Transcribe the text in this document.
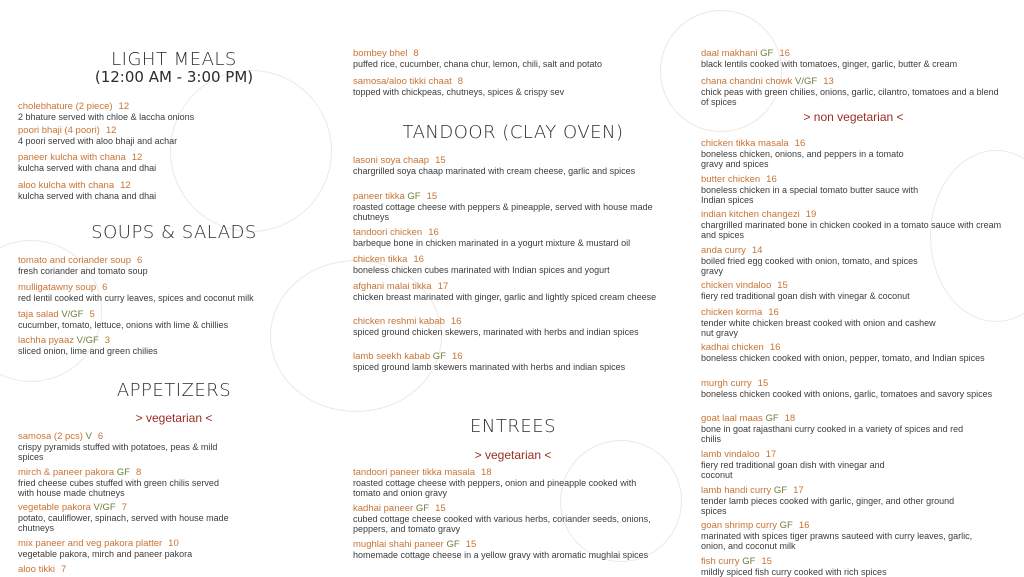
LIGHT MEALS
(12:00 AM - 3:00 PM)
cholebhature (2 piece) 12
2 bhature served with chloe & laccha onions
poori bhaji (4 poori) 12
4 poori served with aloo bhaji and achar
paneer kulcha with chana 12
kulcha served with chana and dhai
aloo kulcha with chana 12
kulcha served with chana and dhai
SOUPS & SALADS
tomato and coriander soup 6
fresh coriander and tomato soup
mulligatawny soup 6
red lentil cooked with curry leaves, spices and coconut milk
taja salad V/GF 5
cucumber, tomato, lettuce, onions with lime & chillies
lachha pyaaz V/GF 3
sliced onion, lime and green chilies
APPETIZERS
> vegetarian <
samosa (2 pcs) V 6
crispy pyramids stuffed with potatoes, peas & mild spices
mirch & paneer pakora GF 8
fried cheese cubes stuffed with green chilis served with house made chutneys
vegetable pakora V/GF 7
potato, cauliflower, spinach, served with house made chutneys
mix paneer and veg pakora platter 10
vegetable pakora, mirch and paneer pakora
aloo tikki 7
bombey bhel 8
puffed rice, cucumber, chana chur, lemon, chili, salt and potato
samosa/aloo tikki chaat 8
topped with chickpeas, chutneys, spices & crispy sev
TANDOOR (CLAY OVEN)
lasoni soya chaap 15
chargrilled soya chaap marinated with cream cheese, garlic and spices
paneer tikka GF 15
roasted cottage cheese with peppers & pineapple, served with house made chutneys
tandoori chicken 16
barbeque bone in chicken marinated in a yogurt mixture & mustard oil
chicken tikka 16
boneless chicken cubes marinated with Indian spices and yogurt
afghani malai tikka 17
chicken breast marinated with ginger, garlic and lightly spiced cream cheese
chicken reshmi kabab 16
spiced ground chicken skewers, marinated with herbs and indian spices
lamb seekh kabab GF 16
spiced ground lamb skewers marinated with herbs and indian spices
ENTREES
> vegetarian <
tandoori paneer tikka masala 18
roasted cottage cheese with peppers, onion and pineapple cooked with tomato and onion gravy
kadhai paneer GF 15
cubed cottage cheese cooked with various herbs, coriander seeds, onions, peppers, and tomato gravy
mughlai shahi paneer GF 15
homemade cottage cheese in a yellow gravy with aromatic mughlai spices
daal makhani GF 16
black lentils cooked with tomatoes, ginger, garlic, butter & cream
chana chandni chowk V/GF 13
chick peas with green chilies, onions, garlic, cilantro, tomatoes and a blend of spices
> non vegetarian <
chicken tikka masala 16
boneless chicken, onions, and peppers in a tomato gravy and spices
butter chicken 16
boneless chicken in a special tomato butter sauce with Indian spices
indian kitchen changezi 19
chargrilled marinated bone in chicken cooked in a tomato sauce with cream and spices
anda curry 14
boiled fried egg cooked with onion, tomato, and spices gravy
chicken vindaloo 15
fiery red traditional goan dish with vinegar & coconut
chicken korma 16
tender white chicken breast cooked with onion and cashew nut gravy
kadhai chicken 16
boneless chicken cooked with onion, pepper, tomato, and Indian spices
murgh curry 15
boneless chicken cooked with onions, garlic, tomatoes and savory spices
goat laal maas GF 18
bone in goat rajasthani curry cooked in a variety of spices and red chilis
lamb vindaloo 17
fiery red traditional goan dish with vinegar and coconut
lamb handi curry GF 17
tender lamb pieces cooked with garlic, ginger, and other ground spices
goan shrimp curry GF 16
marinated with spices tiger prawns sauteed with curry leaves, garlic, onion, and coconut milk
fish curry GF 15
mildly spiced fish curry cooked with rich spices
